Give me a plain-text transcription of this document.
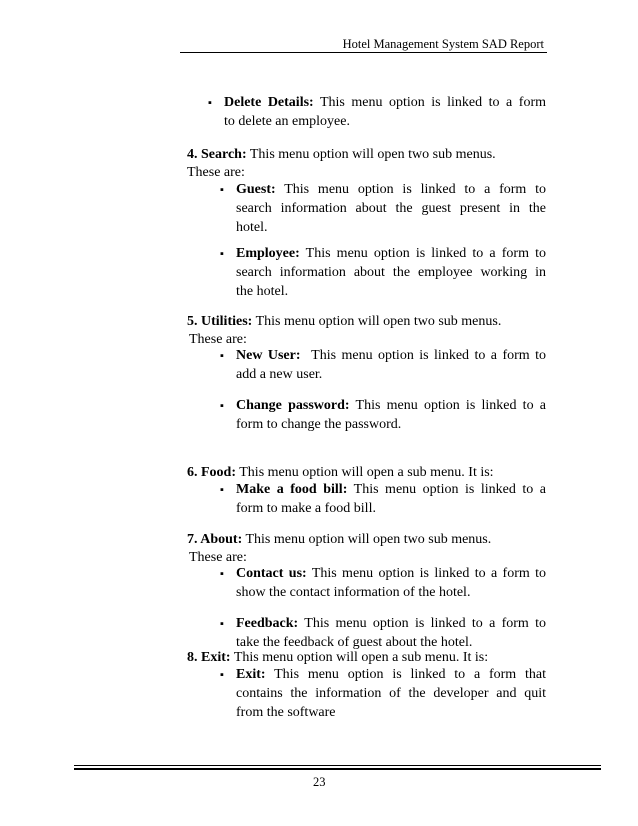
Hotel Management System SAD Report
▪ Delete Details: This menu option is linked to a form
to delete an employee.
4. Search: This menu option will open two sub menus.
These are:
▪ Guest: This menu option is linked to a form to
search information about the guest present in the
hotel.
▪ Employee: This menu option is linked to a form to
search information about the employee working in
the hotel.
5. Utilities: This menu option will open two sub menus.
These are:
▪ New User: This menu option is linked to a form to
add a new user.
▪ Change password: This menu option is linked to a
form to change the password.
6. Food: This menu option will open a sub menu. It is:
▪ Make a food bill: This menu option is linked to a
form to make a food bill.
7. About: This menu option will open two sub menus.
These are:
▪ Contact us: This menu option is linked to a form to
show the contact information of the hotel.
▪ Feedback: This menu option is linked to a form to
take the feedback of guest about the hotel.
8. Exit: This menu option will open a sub menu. It is:
▪ Exit: This menu option is linked to a form that
contains the information of the developer and quit
from the software
23
